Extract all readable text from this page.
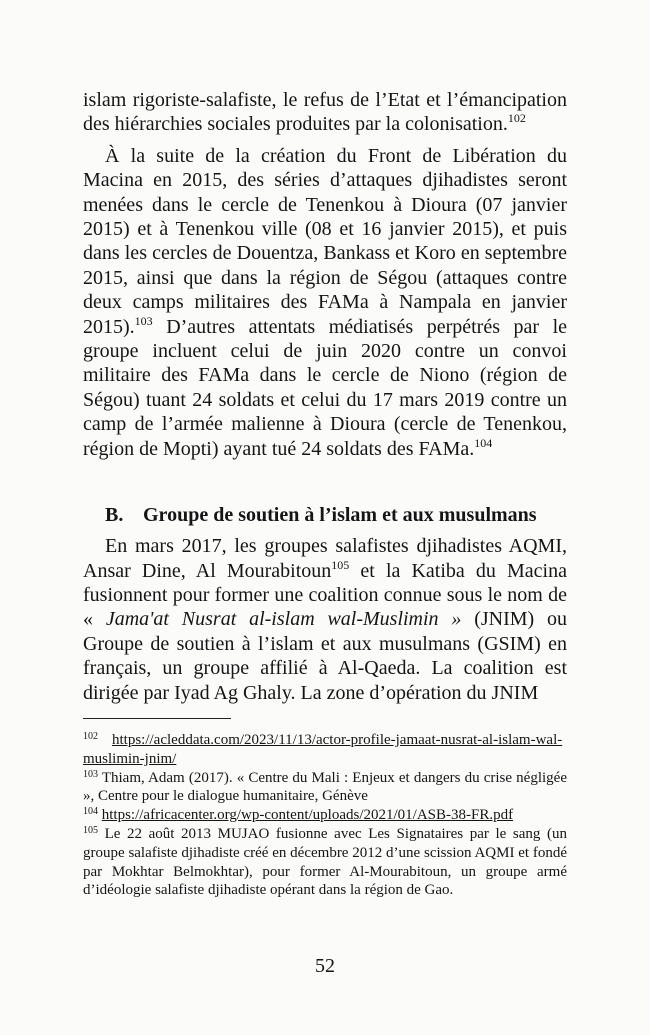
islam rigoriste-salafiste, le refus de l’Etat et l’émancipation des hiérarchies sociales produites par la colonisation.$^{102}$

À la suite de la création du Front de Libération du Macina en 2015, des séries d’attaques djihadistes seront menées dans le cercle de Tenenkou à Dioura (07 janvier 2015) et à Tenenkou ville (08 et 16 janvier 2015), et puis dans les cercles de Douentza, Bankass et Koro en septembre 2015, ainsi que dans la région de Ségou (attaques contre deux camps militaires des FAMa à Nampala en janvier 2015).$^{103}$ D’autres attentats médiatisés perpétrés par le groupe incluent celui de juin 2020 contre un convoi militaire des FAMa dans le cercle de Niono (région de Ségou) tuant 24 soldats et celui du 17 mars 2019 contre un camp de l’armée malienne à Dioura (cercle de Tenenkou, région de Mopti) ayant tué 24 soldats des FAMa.$^{104}$

B. Groupe de soutien à l’islam et aux musulmans

En mars 2017, les groupes salafistes djihadistes AQMI, Ansar Dine, Al Mourabitoun$^{105}$ et la Katiba du Macina fusionnent pour former une coalition connue sous le nom de « Jama'at Nusrat al-islam wal-Muslimin » (JNIM) ou Groupe de soutien à l’islam et aux musulmans (GSIM) en français, un groupe affilié à Al-Qaeda. La coalition est dirigée par Iyad Ag Ghaly. La zone d’opération du JNIM

$^{102}$ https://acleddata.com/2023/11/13/actor-profile-jamaat-nusrat-al-islam-wal-muslimin-jnim/

$^{103}$ Thiam, Adam (2017). « Centre du Mali : Enjeux et dangers du crise négligée », Centre pour le dialogue humanitaire, Génève

$^{104}$ https://africacenter.org/wp-content/uploads/2021/01/ASB-38-FR.pdf

$^{105}$ Le 22 août 2013 MUJAO fusionne avec Les Signataires par le sang (un groupe salafiste djihadiste créé en décembre 2012 d’une scission AQMI et fondé par Mokhtar Belmokhtar), pour former Al-Mourabitoun, un groupe armé d’idéologie salafiste djihadiste opérant dans la région de Gao.

52
